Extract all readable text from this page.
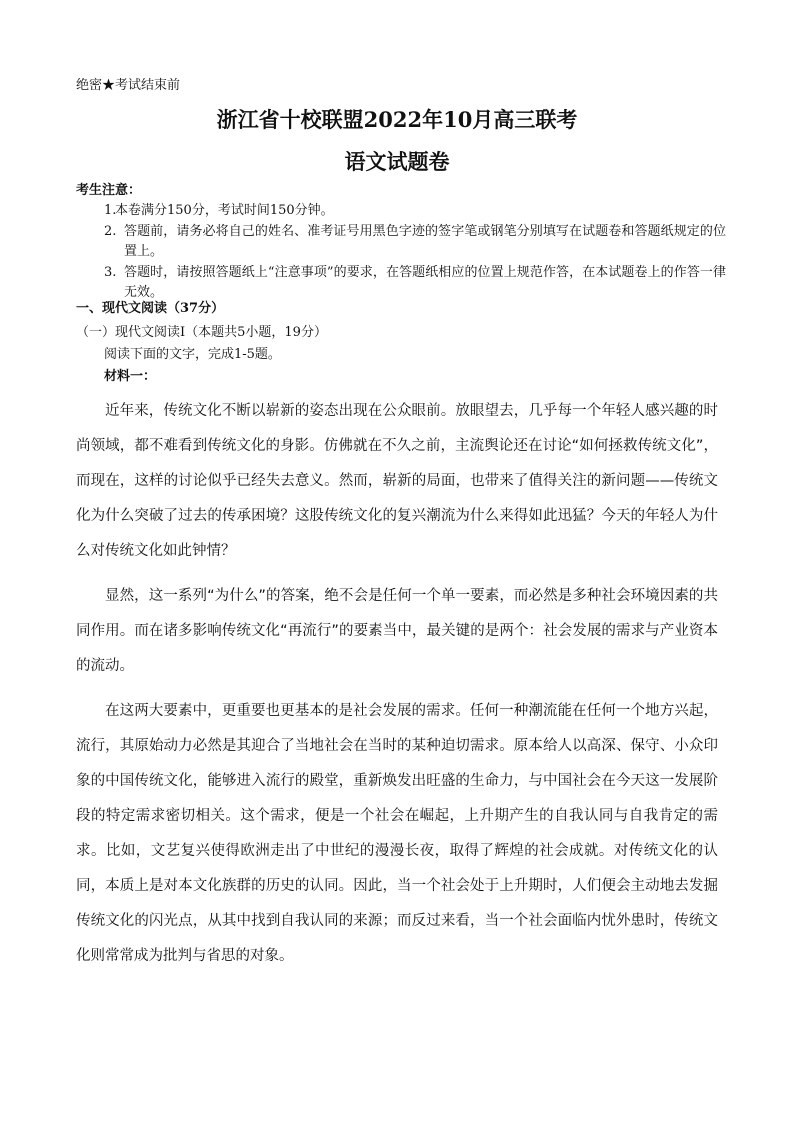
绝密★考试结束前
浙江省十校联盟2022年10月高三联考
语文试题卷
考生注意：
1.
本卷满分150分，考试时间150分钟。
2. 答题前，请务必将自己的姓名、准考证号用黑色字迹的签字笔或钢笔分别填写在试题卷和答题纸规定的位置上。
3. 答题时，请按照答题纸上“注意事项”的要求，在答题纸相应的位置上规范作答，在本试题卷上的作答一律无效。
一、现代文阅读（37分）
（一）现代文阅读Ⅰ（本题共5小题，19分）
阅读下面的文字，完成1-5题。
材料一：

近年来，传统文化不断以崭新的姿态出现在公众眼前。放眼望去，几乎每一个年轻人感兴趣的时尚领域，都不难看到传统文化的身影。仿佛就在不久之前，主流舆论还在讨论“如何拯救传统文化”，而现在，这样的讨论似乎已经失去意义。然而，崭新的局面，也带来了值得关注的新问题——传统文化为什么突破了过去的传承困境？这股传统文化的复兴潮流为什么来得如此迅猛？今天的年轻人为什么对传统文化如此钟情？

显然，这一系列“为什么”的答案，绝不会是任何一个单一要素，而必然是多种社会环境因素的共同作用。而在诸多影响传统文化“再流行”的要素当中，最关键的是两个：社会发展的需求与产业资本的流动。

在这两大要素中，更重要也更基本的是社会发展的需求。任何一种潮流能在任何一个地方兴起，流行，其原始动力必然是其迎合了当地社会在当时的某种迫切需求。原本给人以高深、保守、小众印象的中国传统文化，能够进入流行的殿堂，重新焕发出旺盛的生命力，与中国社会在今天这一发展阶段的特定需求密切相关。这个需求，便是一个社会在崛起，上升期产生的自我认同与自我肯定的需求。比如，文艺复兴使得欧洲走出了中世纪的漫漫长夜，取得了辉煌的社会成就。对传统文化的认同，本质上是对本文化族群的历史的认同。因此，当一个社会处于上升期时，人们便会主动地去发掘传统文化的闪光点，从其中找到自我认同的来源；而反过来看，当一个社会面临内忧外患时，传统文化则常常成为批判与省思的对象。
